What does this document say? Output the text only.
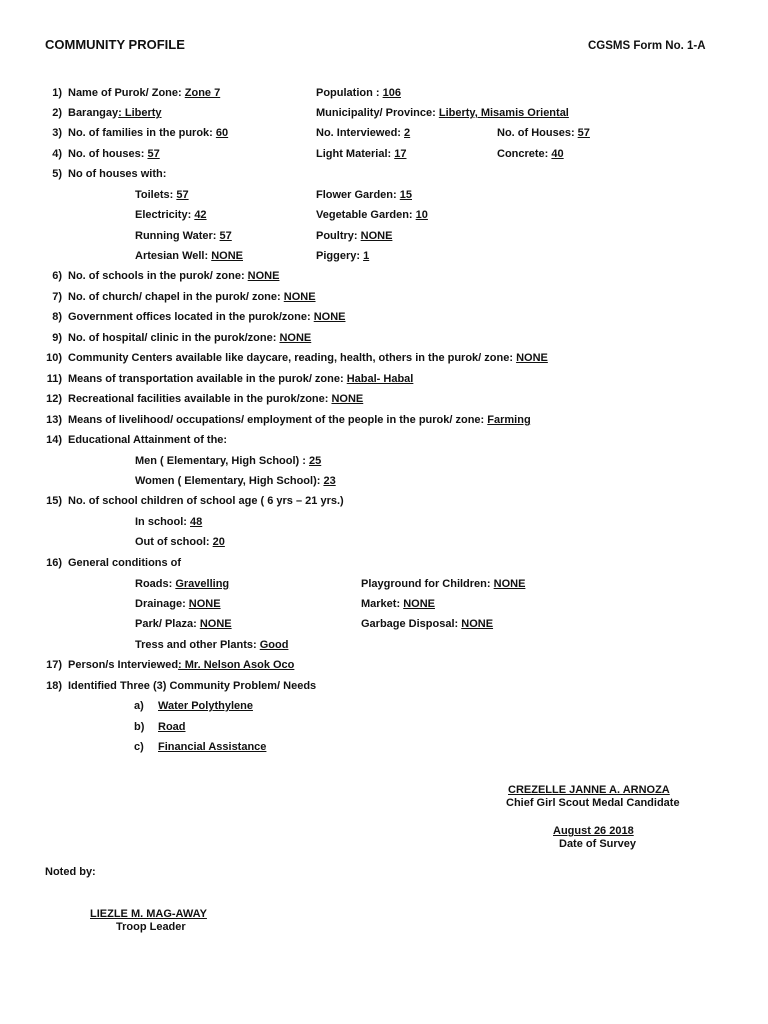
COMMUNITY PROFILE	CGSMS Form No. 1-A
1) Name of Purok/ Zone: Zone 7	Population : 106
2) Barangay: Liberty	Municipality/ Province: Liberty, Misamis Oriental
3) No. of families in the purok: 60	No. Interviewed: 2	No. of Houses: 57
4) No. of houses: 57	Light Material: 17	Concrete: 40
5) No of houses with:
Toilets: 57	Flower Garden: 15
Electricity: 42	Vegetable Garden: 10
Running Water: 57	Poultry: NONE
Artesian Well: NONE	Piggery: 1
6) No. of schools in the purok/ zone: NONE
7) No. of church/ chapel in the purok/ zone: NONE
8) Government offices located in the purok/zone: NONE
9) No. of hospital/ clinic in the purok/zone: NONE
10) Community Centers available like daycare, reading, health, others in the purok/ zone: NONE
11) Means of transportation available in the purok/ zone: Habal- Habal
12) Recreational facilities available in the purok/zone: NONE
13) Means of livelihood/ occupations/ employment of the people in the purok/ zone: Farming
14) Educational Attainment of the:
Men ( Elementary, High School) : 25
Women ( Elementary, High School): 23
15) No. of school children of school age ( 6 yrs – 21 yrs.)
In school: 48
Out of school: 20
16) General conditions of
Roads: Gravelling	Playground for Children: NONE
Drainage: NONE	Market: NONE
Park/ Plaza: NONE	Garbage Disposal: NONE
Tress and other Plants: Good
17) Person/s Interviewed: Mr. Nelson Asok Oco
18) Identified Three (3) Community Problem/ Needs
a) Water Polythylene
b) Road
c) Financial Assistance
CREZELLE JANNE A. ARNOZA
Chief Girl Scout Medal Candidate
August 26 2018
Date of Survey
Noted by:
LIEZLE M. MAG-AWAY
Troop Leader
